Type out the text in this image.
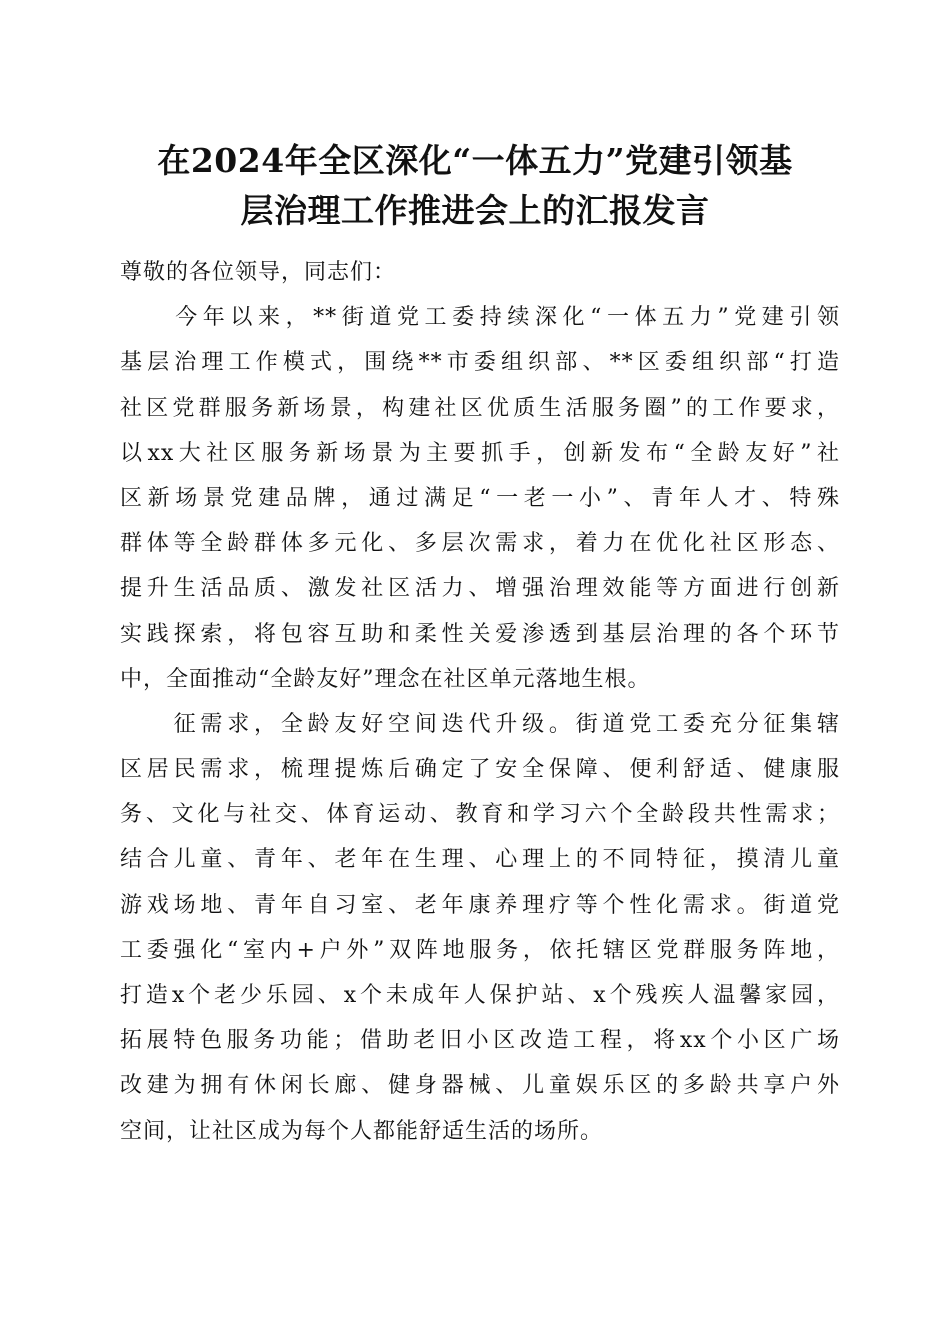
在2024年全区深化“一体五力”党建引领基
层治理工作推进会上的汇报发言
尊敬的各位领导，同志们：
　　今年以来，**街道党工委持续深化“一体五力”党建引领
基层治理工作模式，围绕**市委组织部、**区委组织部“打造
社区党群服务新场景，构建社区优质生活服务圈”的工作要求，
以xx大社区服务新场景为主要抓手，创新发布“全龄友好”社
区新场景党建品牌，通过满足“一老一小”、青年人才、特殊
群体等全龄群体多元化、多层次需求，着力在优化社区形态、
提升生活品质、激发社区活力、增强治理效能等方面进行创新
实践探索，将包容互助和柔性关爱渗透到基层治理的各个环节
中，全面推动“全龄友好”理念在社区单元落地生根。
　　征需求，全龄友好空间迭代升级。街道党工委充分征集辖
区居民需求，梳理提炼后确定了安全保障、便利舒适、健康服
务、文化与社交、体育运动、教育和学习六个全龄段共性需求；
结合儿童、青年、老年在生理、心理上的不同特征，摸清儿童
游戏场地、青年自习室、老年康养理疗等个性化需求。街道党
工委强化“室内+户外”双阵地服务，依托辖区党群服务阵地，
打造x个老少乐园、x个未成年人保护站、x个残疾人温馨家园，
拓展特色服务功能；借助老旧小区改造工程，将xx个小区广场
改建为拥有休闲长廊、健身器械、儿童娱乐区的多龄共享户外
空间，让社区成为每个人都能舒适生活的场所。
